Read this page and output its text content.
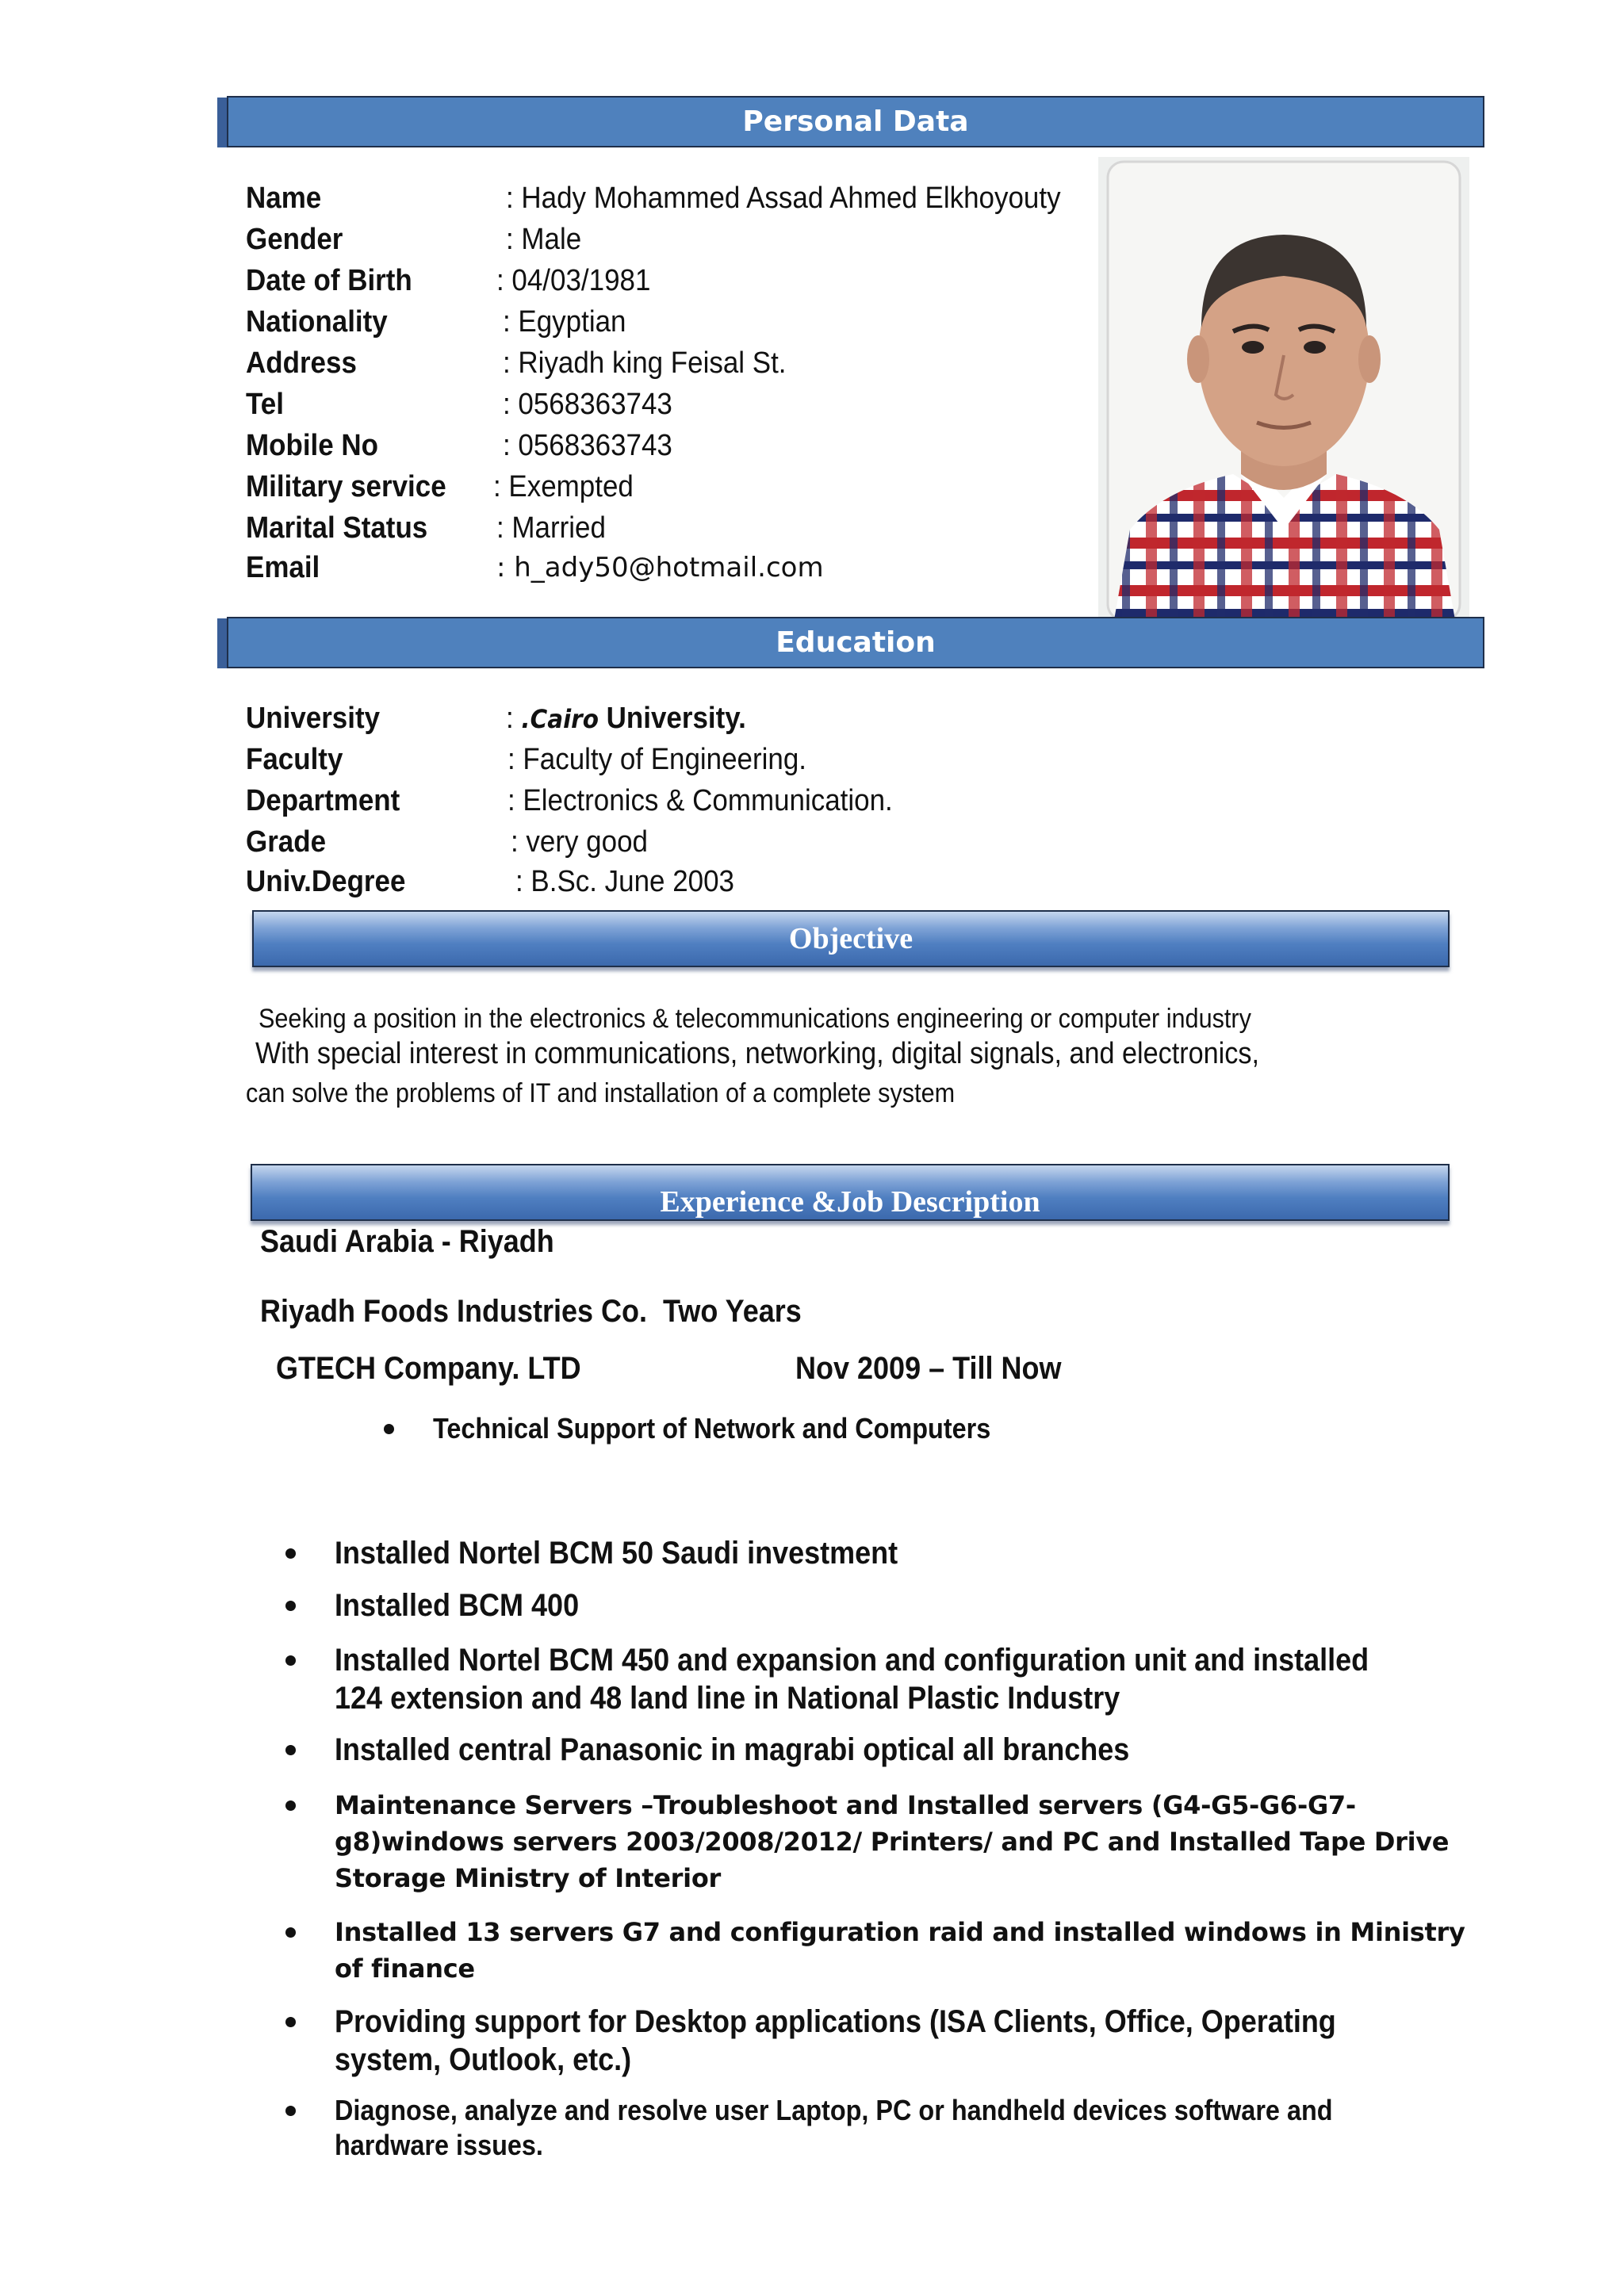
Personal Data
Name	: Hady Mohammed Assad Ahmed Elkhoyouty
Gender	: Male
Date of Birth	: 04/03/1981
Nationality	: Egyptian
Address	: Riyadh king Feisal St.
Tel	: 0568363743
Mobile No	: 0568363743
Military service : Exempted
Marital Status : Married
Email	: h_ady50@hotmail.com
Education
University	: .Cairo University.
Faculty	: Faculty of Engineering.
Department	: Electronics & Communication.
Grade	: very good
Univ.Degree	: B.Sc. June 2003
Objective
Seeking a position in the electronics & telecommunications engineering or computer industry
With special interest in communications, networking, digital signals, and electronics,
can solve the problems of IT and installation of a complete system
Experience &Job Description
Saudi Arabia - Riyadh
Riyadh Foods Industries Co. Two Years
GTECH Company. LTD	Nov 2009 – Till Now
Technical Support of Network and Computers
Installed Nortel BCM 50 Saudi investment
Installed BCM 400
Installed Nortel BCM 450 and expansion and configuration unit and installed 124 extension and 48 land line in National Plastic Industry
Installed central Panasonic in magrabi optical all branches
Maintenance Servers –Troubleshoot and Installed servers (G4-G5-G6-G7-g8)windows servers 2003/2008/2012/ Printers/ and PC and Installed Tape Drive Storage Ministry of Interior
Installed 13 servers G7 and configuration raid and installed windows in Ministry of finance
Providing support for Desktop applications (ISA Clients, Office, Operating system, Outlook, etc.)
Diagnose, analyze and resolve user Laptop, PC or handheld devices software and hardware issues.
